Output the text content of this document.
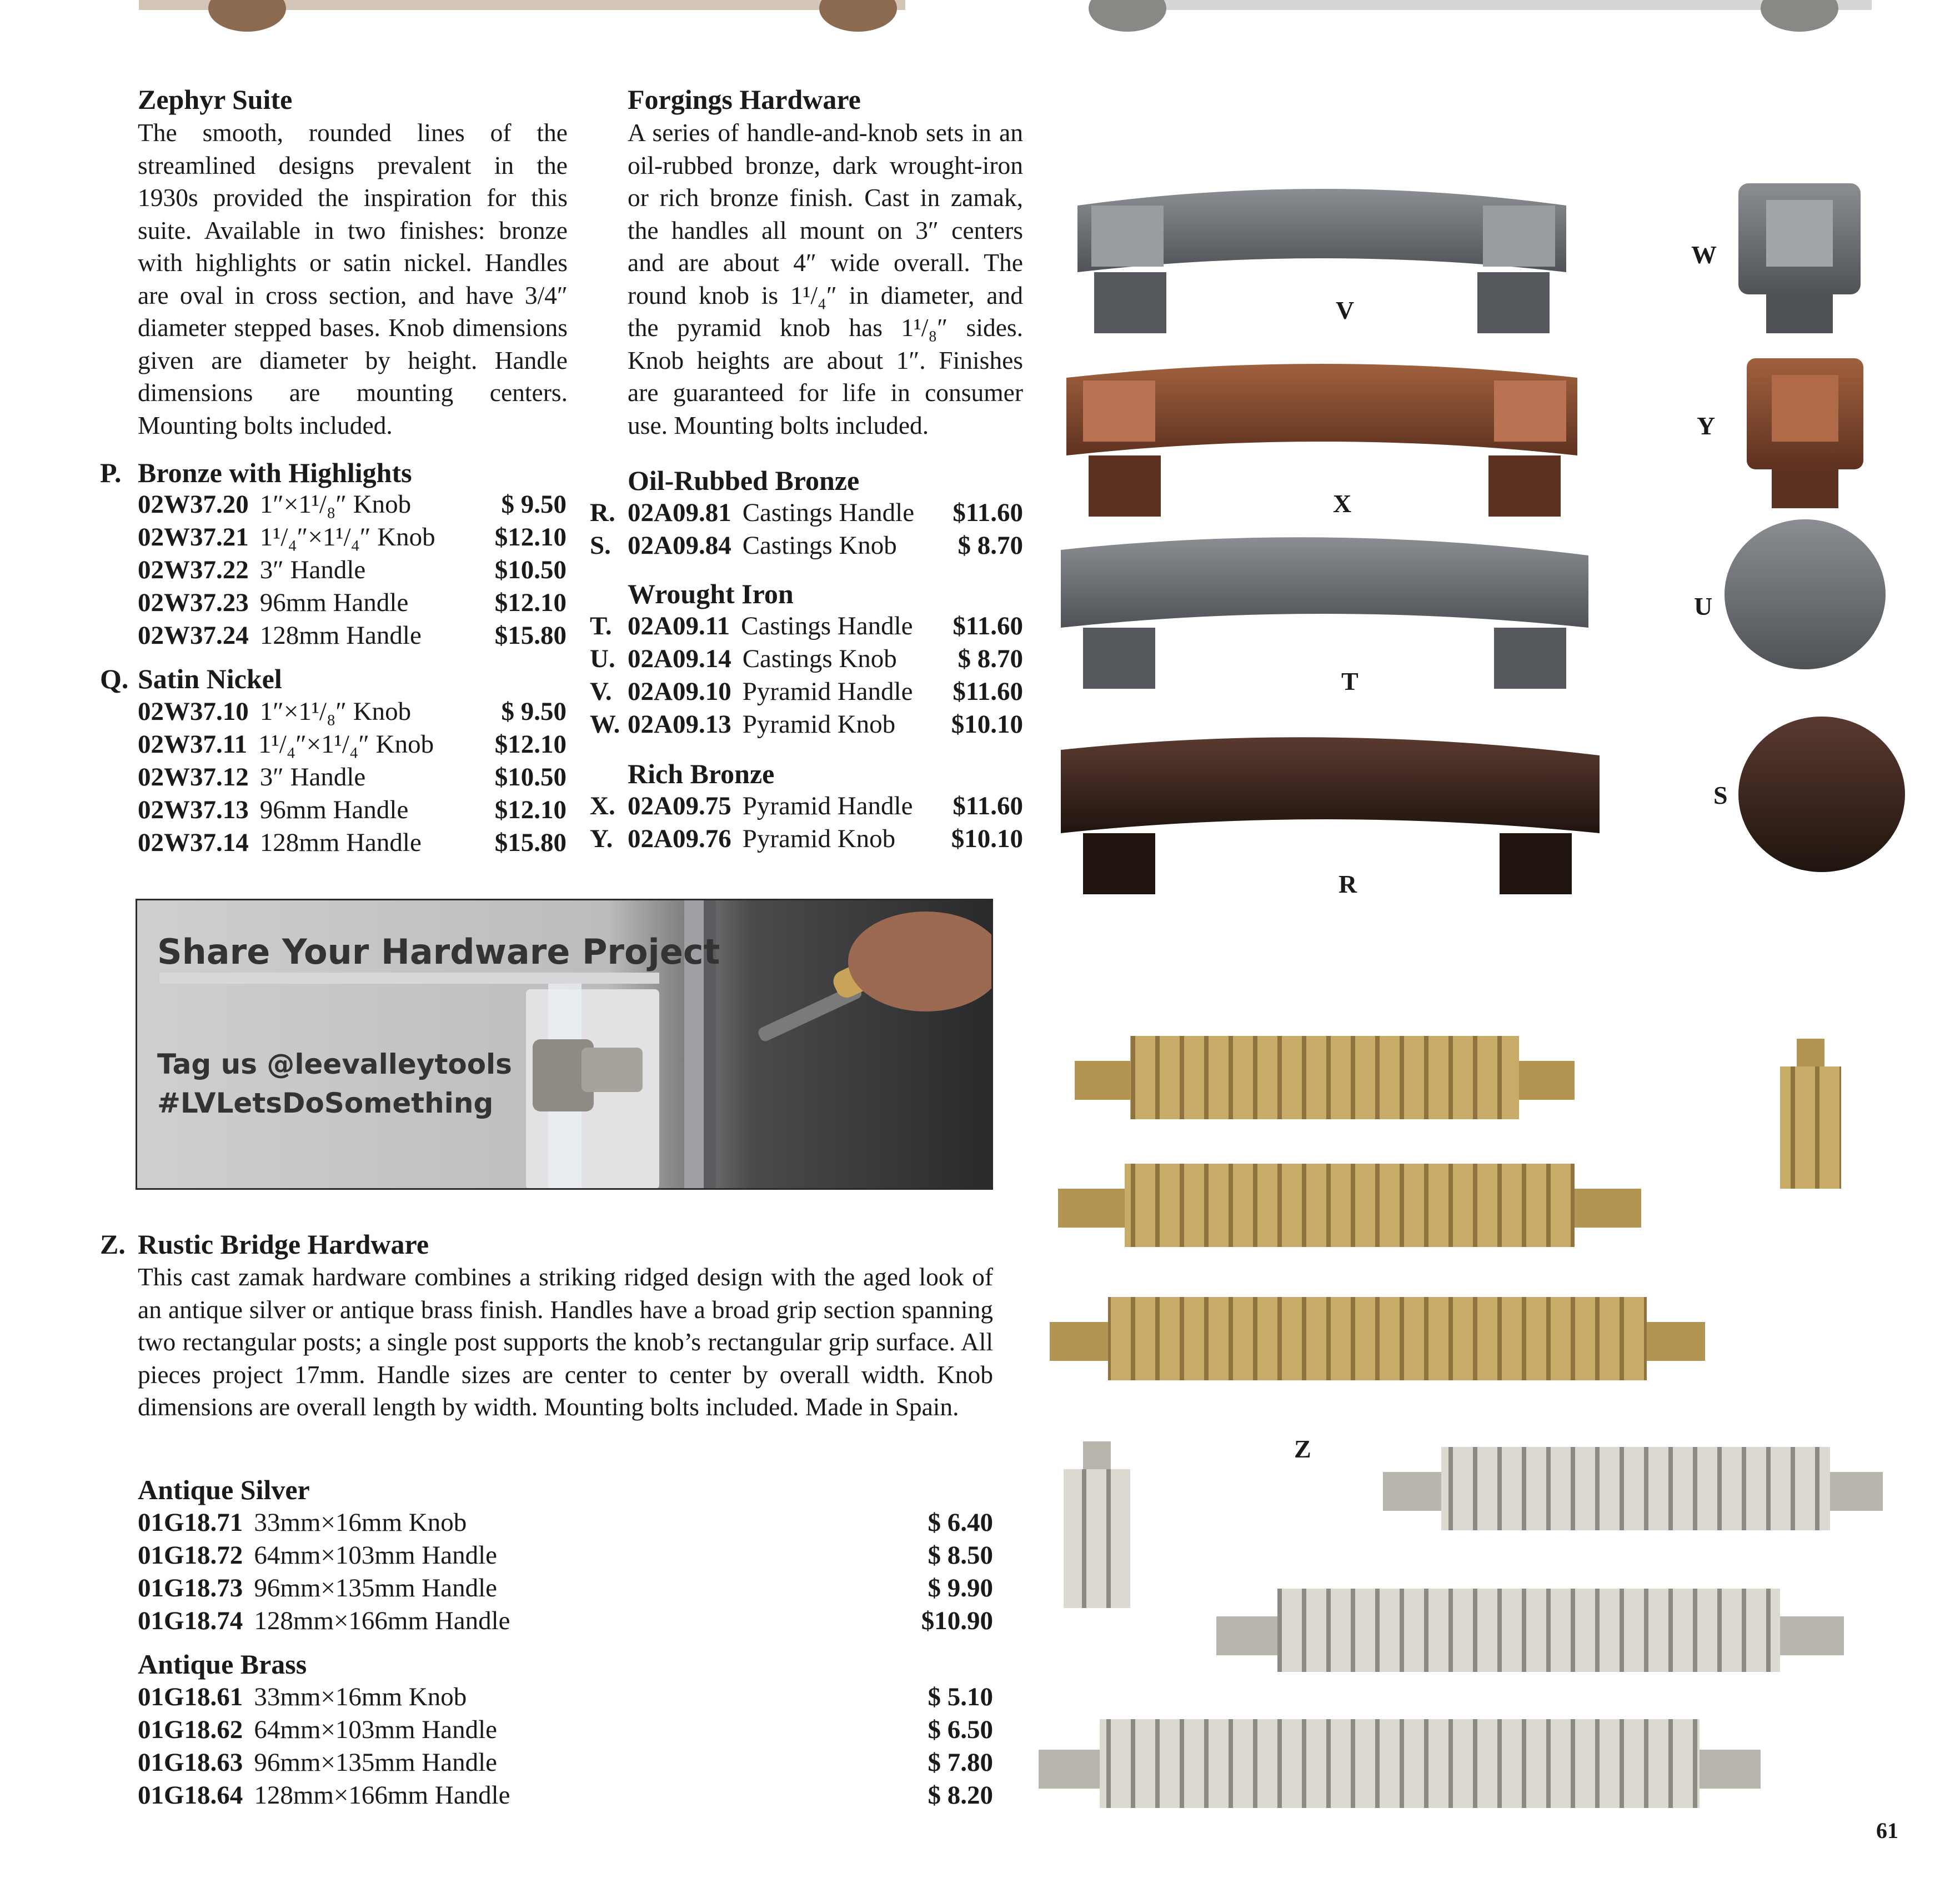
Zephyr Suite
The smooth, rounded lines of the streamlined designs prevalent in the 1930s provided the inspiration for this suite. Available in two finishes: bronze with highlights or satin nickel. Handles are oval in cross section, and have 3/4″ diameter stepped bases. Knob dimensions given are diameter by height. Handle dimensions are mounting centers. Mounting bolts included.
P. Bronze with Highlights
02W37.20 1″×1¹/₈″ Knob	$ 9.50
02W37.21 1¹/₄″×1¹/₄″ Knob $12.10
02W37.22 3″ Handle	$10.50
02W37.23 96mm Handle	$12.10
02W37.24 128mm Handle	$15.80
Q. Satin Nickel
02W37.10 1″×1¹/₈″ Knob	$ 9.50
02W37.11 1¹/₄″×1¹/₄″ Knob $12.10
02W37.12 3″ Handle	$10.50
02W37.13 96mm Handle	$12.10
02W37.14 128mm Handle	$15.80
Forgings Hardware
A series of handle-and-knob sets in an oil-rubbed bronze, dark wrought-iron or rich bronze finish. Cast in zamak, the handles all mount on 3″ centers and are about 4″ wide overall. The round knob is 1¹/₄″ in diameter, and the pyramid knob has 1¹/₈″ sides. Knob heights are about 1″. Finishes are guaranteed for life in consumer use. Mounting bolts included.
Oil-Rubbed Bronze
R. 02A09.81 Castings Handle $11.60
S. 02A09.84 Castings Knob $ 8.70
Wrought Iron
T. 02A09.11 Castings Handle $11.60
U. 02A09.14 Castings Knob $ 8.70
V. 02A09.10 Pyramid Handle $11.60
W. 02A09.13 Pyramid Knob $10.10
Rich Bronze
X. 02A09.75 Pyramid Handle $11.60
Y. 02A09.76 Pyramid Knob $10.10
Share Your Hardware Project
Tag us @leevalleytools
#LVLetsDoSomething
Z. Rustic Bridge Hardware
This cast zamak hardware combines a striking ridged design with the aged look of an antique silver or antique brass finish. Handles have a broad grip section spanning two rectangular posts; a single post supports the knob’s rectangular grip surface. All pieces project 17mm. Handle sizes are center to center by overall width. Knob dimensions are overall length by width. Mounting bolts included. Made in Spain.
Antique Silver
01G18.71 33mm×16mm Knob	$ 6.40
01G18.72 64mm×103mm Handle	$ 8.50
01G18.73 96mm×135mm Handle	$ 9.90
01G18.74 128mm×166mm Handle	$10.90
Antique Brass
01G18.61 33mm×16mm Knob	$ 5.10
01G18.62 64mm×103mm Handle	$ 6.50
01G18.63 96mm×135mm Handle	$ 7.80
01G18.64 128mm×166mm Handle	$ 8.20
V
W
X
Y
T
U
R
S
Z
61
